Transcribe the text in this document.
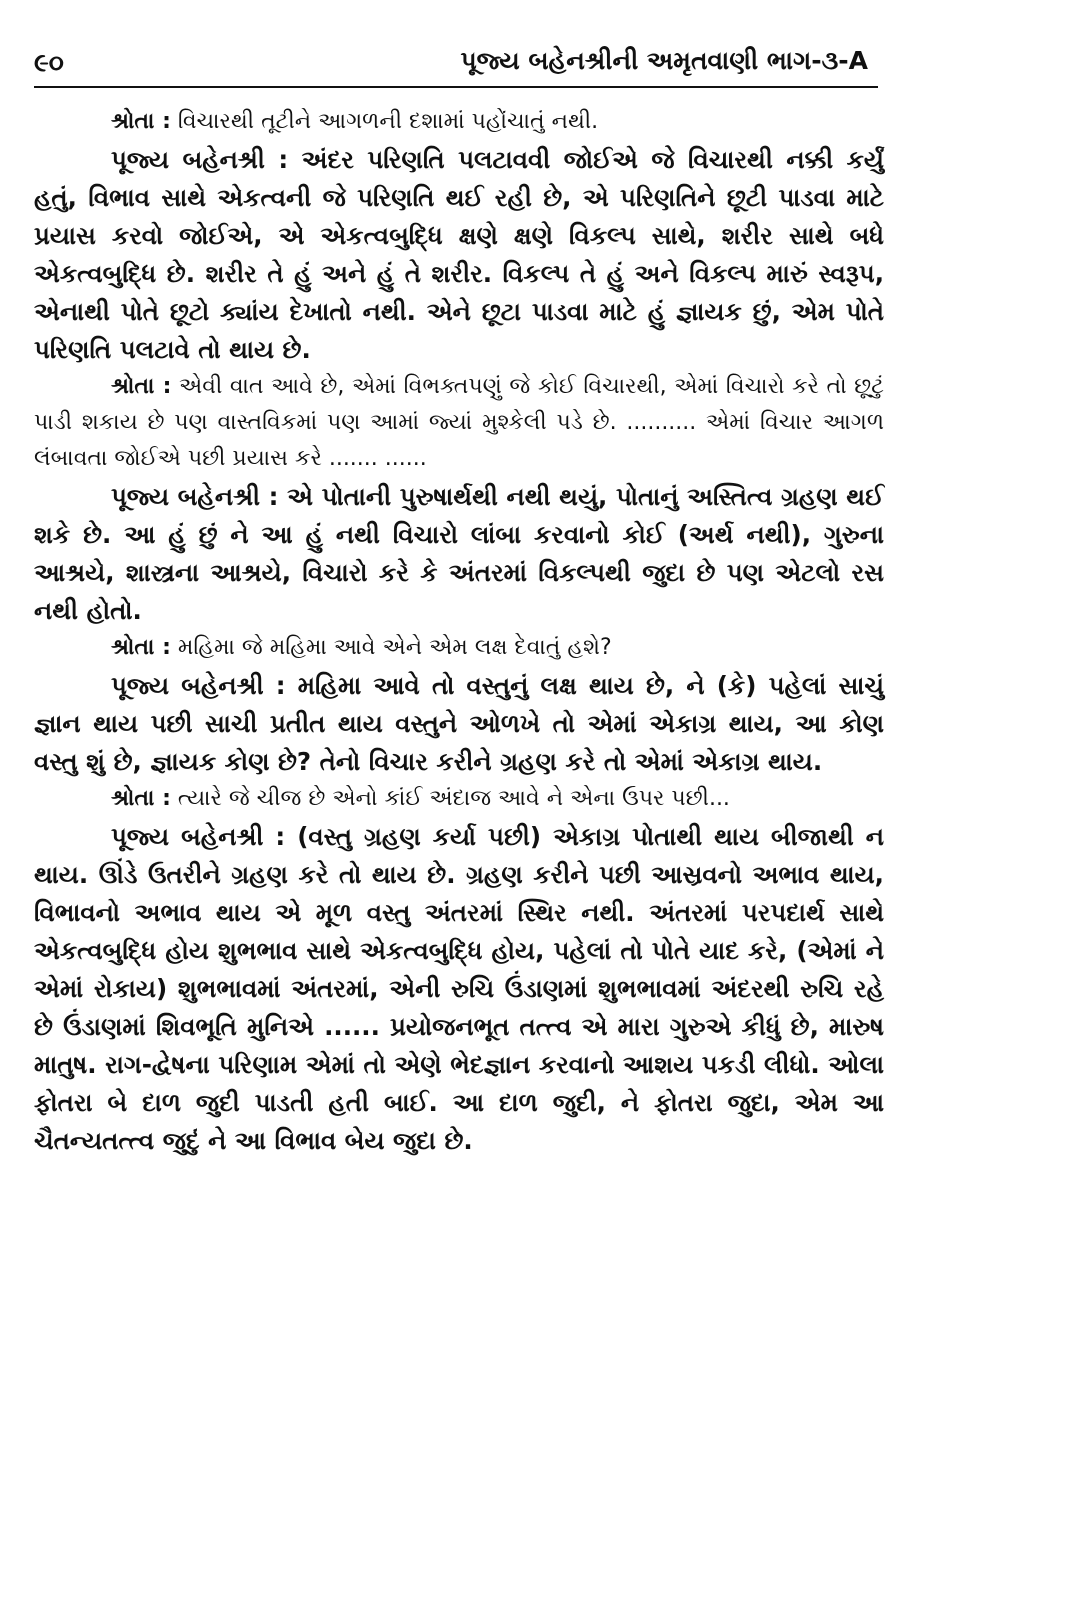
૯૦	પૂજ્ય બહેનશ્રીની અમૃતવાણી ભાગ-૩-A

શ્રોતા : વિચારથી તૂટીને આગળની દશામાં પહોંચાતું નથી.

પૂજ્ય બહેનશ્રી : અંદર પરિણતિ પલટાવવી જોઈએ જે વિચારથી નક્કી કર્યું હતું, વિભાવ સાથે એકત્વની જે પરિણતિ થઈ રહી છે, એ પરિણતિને છૂટી પાડવા માટે પ્રયાસ કરવો જોઈએ, એ એકત્વબુદ્ધિ ક્ષણે ક્ષણે વિકલ્પ સાથે, શરીર સાથે બધે એકત્વબુદ્ધિ છે. શરીર તે હું અને હું તે શરીર. વિકલ્પ તે હું અને વિકલ્પ મારું સ્વરૂપ, એનાથી પોતે છૂટો ક્યાંય દેખાતો નથી. એને છૂટા પાડવા માટે હું જ્ઞાયક છું, એમ પોતે પરિણતિ પલટાવે તો થાય છે.

શ્રોતા : એવી વાત આવે છે, એમાં વિભક્તપણું જે કોઈ વિચારથી, એમાં વિચારો કરે તો છૂટું પાડી શકાય છે પણ વાસ્તવિકમાં પણ આમાં જ્યાં મુશ્કેલી પડે છે. .......... એમાં વિચાર આગળ લંબાવતા જોઈએ પછી પ્રયાસ કરે ....... ......

પૂજ્ય બહેનશ્રી : એ પોતાની પુરુષાર્થથી નથી થયું, પોતાનું અસ્તિત્વ ગ્રહણ થઈ શકે છે. આ હું છું ને આ હું નથી વિચારો લાંબા કરવાનો કોઈ (અર્થ નથી), ગુરુના આશ્રયે, શાસ્ત્રના આશ્રયે, વિચારો કરે કે અંતરમાં વિકલ્પથી જુદા છે પણ એટલો રસ નથી હોતો.

શ્રોતા : મહિમા જે મહિમા આવે એને એમ લક્ષ દેવાતું હશે?

પૂજ્ય બહેનશ્રી : મહિમા આવે તો વસ્તુનું લક્ષ થાય છે, ને (કે) પહેલાં સાચું જ્ઞાન થાય પછી સાચી પ્રતીત થાય વસ્તુને ઓળખે તો એમાં એકાગ્ર થાય, આ કોણ વસ્તુ શું છે, જ્ઞાયક કોણ છે? તેનો વિચાર કરીને ગ્રહણ કરે તો એમાં એકાગ્ર થાય.

શ્રોતા : ત્યારે જે ચીજ છે એનો કાંઈ અંદાજ આવે ને એના ઉપર પછી...

પૂજ્ય બહેનશ્રી : (વસ્તુ ગ્રહણ કર્યા પછી) એકાગ્ર પોતાથી થાય બીજાથી ન થાય. ઊંડે ઉતરીને ગ્રહણ કરે તો થાય છે. ગ્રહણ કરીને પછી આસ્રવનો અભાવ થાય, વિભાવનો અભાવ થાય એ મૂળ વસ્તુ અંતરમાં સ્થિર નથી. અંતરમાં પરપદાર્થ સાથે એકત્વબુદ્ધિ હોય શુભભાવ સાથે એકત્વબુદ્ધિ હોય, પહેલાં તો પોતે યાદ કરે, (એમાં ને એમાં રોકાય) શુભભાવમાં અંતરમાં, એની રુચિ ઉંડાણમાં શુભભાવમાં અંદરથી રુચિ રહે છે ઉંડાણમાં શિવભૂતિ મુનિએ ...... પ્રયોજનભૂત તત્ત્વ એ મારા ગુરુએ કીધું છે, મારુષ માતુષ. રાગ-દ્વેષના પરિણામ એમાં તો એણે ભેદજ્ઞાન કરવાનો આશય પકડી લીધો. ઓલા ફોતરા બે દાળ જુદી પાડતી હતી બાઈ. આ દાળ જુદી, ને ફોતરા જુદા, એમ આ ચૈતન્યતત્ત્વ જુદું ને આ વિભાવ બેય જુદા છે.
